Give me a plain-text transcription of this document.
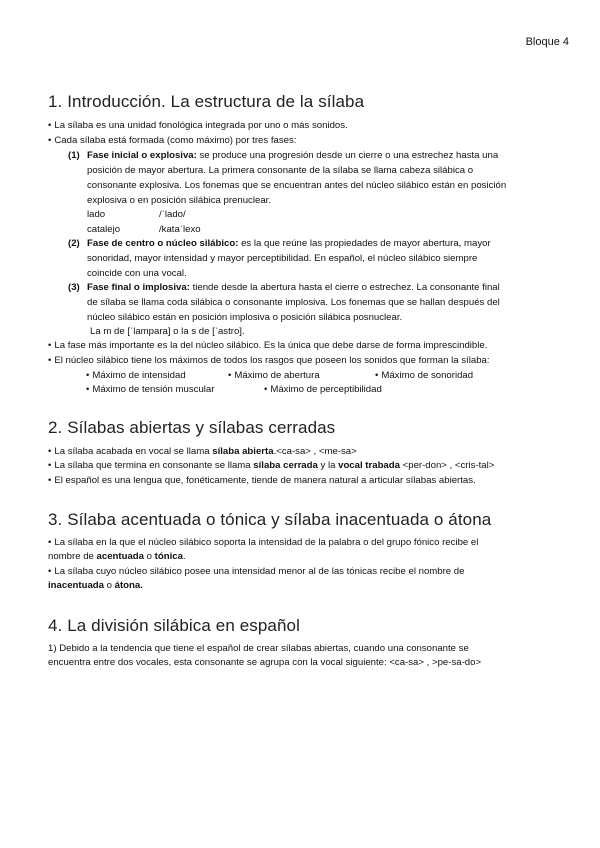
Bloque 4
1. Introducción. La estructura de la sílaba
• La sílaba es una unidad fonológica integrada por uno o más sonidos.
• Cada sílaba está formada (como máximo) por tres fases:
(1) Fase inicial o explosiva: se produce una progresión desde un cierre o una estrechez hasta una
posición de mayor abertura. La primera consonante de la sílaba se llama cabeza silábica o
consonante explosiva. Los fonemas que se encuentran antes del núcleo silábico están en posición
explosiva o en posición silábica prenuclear.
lado	/ˈlado/
catalejo	/kataˈlexo
(2) Fase de centro o núcleo silábico: es la que reúne las propiedades de mayor abertura, mayor
sonoridad, mayor intensidad y mayor perceptibilidad. En español, el núcleo silábico siempre
coincide con una vocal.
(3) Fase final o implosiva: tiende desde la abertura hasta el cierre o estrechez. La consonante final
de sílaba se llama coda silábica o consonante implosiva. Los fonemas que se hallan después del
núcleo silábico están en posición implosiva o posición silábica posnuclear.
La m de [ˈlampara] o la s de [ˈastro].
• La fase más importante es la del núcleo silábico. Es la única que debe darse de forma imprescindible.
• El núcleo silábico tiene los máximos de todos los rasgos que poseen los sonidos que forman la sílaba:
• Máximo de intensidad	• Máximo de abertura	• Máximo de sonoridad
• Máximo de tensión muscular	• Máximo de perceptibilidad
2. Sílabas abiertas y sílabas cerradas
• La sílaba acabada en vocal se llama sílaba abierta.<ca-sa> , <me-sa>
• La sílaba que termina en consonante se llama sílaba cerrada y la vocal trabada <per-don> , <cris-tal>
• El español es una lengua que, fonéticamente, tiende de manera natural a articular sílabas abiertas.
3. Sílaba acentuada o tónica y sílaba inacentuada o átona
• La sílaba en la que el núcleo silábico soporta la intensidad de la palabra o del grupo fónico recibe el
nombre de acentuada o tónica.
• La sílaba cuyo núcleo silábico posee una intensidad menor al de las tónicas recibe el nombre de
inacentuada o átona.
4. La división silábica en español
1) Debido a la tendencia que tiene el español de crear sílabas abiertas, cuando una consonante se
encuentra entre dos vocales, esta consonante se agrupa con la vocal siguiente: <ca-sa> , >pe-sa-do>
